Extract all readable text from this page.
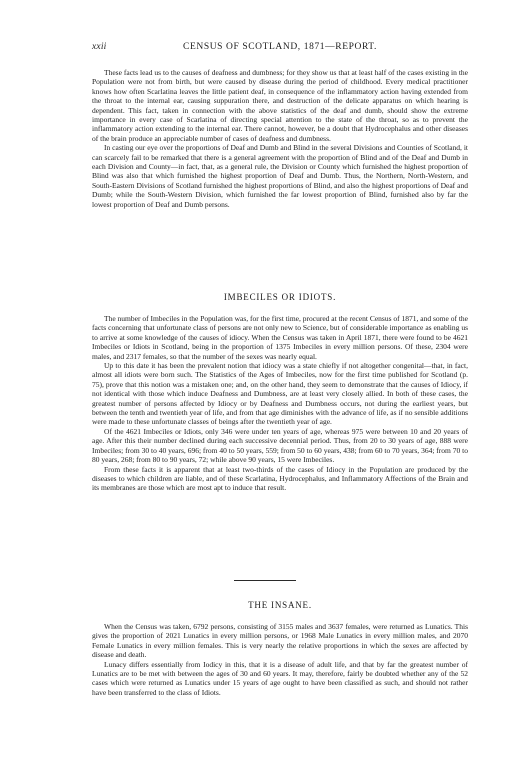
xxii	CENSUS OF SCOTLAND, 1871—REPORT.

These facts lead us to the causes of deafness and dumbness; for they show us that at least half of the cases existing in the Population were not from birth, but were caused by disease during the period of childhood. Every medical practitioner knows how often Scarlatina leaves the little patient deaf, in consequence of the inflammatory action having extended from the throat to the internal ear, causing suppuration there, and destruction of the delicate apparatus on which hearing is dependent. This fact, taken in connection with the above statistics of the deaf and dumb, should show the extreme importance in every case of Scarlatina of directing special attention to the state of the throat, so as to prevent the inflammatory action extending to the internal ear. There cannot, however, be a doubt that Hydrocephalus and other diseases of the brain produce an appreciable number of cases of deafness and dumbness.

In casting our eye over the proportions of Deaf and Dumb and Blind in the several Divisions and Counties of Scotland, it can scarcely fail to be remarked that there is a general agreement with the proportion of Blind and of the Deaf and Dumb in each Division and County—in fact, that, as a general rule, the Division or County which furnished the highest proportion of Blind was also that which furnished the highest proportion of Deaf and Dumb. Thus, the Northern, North-Western, and South-Eastern Divisions of Scotland furnished the highest proportions of Blind, and also the highest proportions of Deaf and Dumb; while the South-Western Division, which furnished the far lowest proportion of Blind, furnished also by far the lowest proportion of Deaf and Dumb persons.

IMBECILES OR IDIOTS.

The number of Imbeciles in the Population was, for the first time, procured at the recent Census of 1871, and some of the facts concerning that unfortunate class of persons are not only new to Science, but of considerable importance as enabling us to arrive at some knowledge of the causes of idiocy. When the Census was taken in April 1871, there were found to be 4621 Imbeciles or Idiots in Scotland, being in the proportion of 1375 Imbeciles in every million persons. Of these, 2304 were males, and 2317 females, so that the number of the sexes was nearly equal.

Up to this date it has been the prevalent notion that idiocy was a state chiefly if not altogether congenital—that, in fact, almost all idiots were born such. The Statistics of the Ages of Imbeciles, now for the first time published for Scotland (p. 75), prove that this notion was a mistaken one; and, on the other hand, they seem to demonstrate that the causes of Idiocy, if not identical with those which induce Deafness and Dumbness, are at least very closely allied. In both of these cases, the greatest number of persons affected by Idiocy or by Deafness and Dumbness occurs, not during the earliest years, but between the tenth and twentieth year of life, and from that age diminishes with the advance of life, as if no sensible additions were made to these unfortunate classes of beings after the twentieth year of age.

Of the 4621 Imbeciles or Idiots, only 346 were under ten years of age, whereas 975 were between 10 and 20 years of age. After this their number declined during each successive decennial period. Thus, from 20 to 30 years of age, 888 were Imbeciles; from 30 to 40 years, 696; from 40 to 50 years, 559; from 50 to 60 years, 438; from 60 to 70 years, 364; from 70 to 80 years, 268; from 80 to 90 years, 72; while above 90 years, 15 were Imbeciles.

From these facts it is apparent that at least two-thirds of the cases of Idiocy in the Population are produced by the diseases to which children are liable, and of these Scarlatina, Hydrocephalus, and Inflammatory Affections of the Brain and its membranes are those which are most apt to induce that result.

THE INSANE.

When the Census was taken, 6792 persons, consisting of 3155 males and 3637 females, were returned as Lunatics. This gives the proportion of 2021 Lunatics in every million persons, or 1968 Male Lunatics in every million males, and 2070 Female Lunatics in every million females. This is very nearly the relative proportions in which the sexes are affected by disease and death.

Lunacy differs essentially from Iodicy in this, that it is a disease of adult life, and that by far the greatest number of Lunatics are to be met with between the ages of 30 and 60 years. It may, therefore, fairly be doubted whether any of the 52 cases which were returned as Lunatics under 15 years of age ought to have been classified as such, and should not rather have been transferred to the class of Idiots.
